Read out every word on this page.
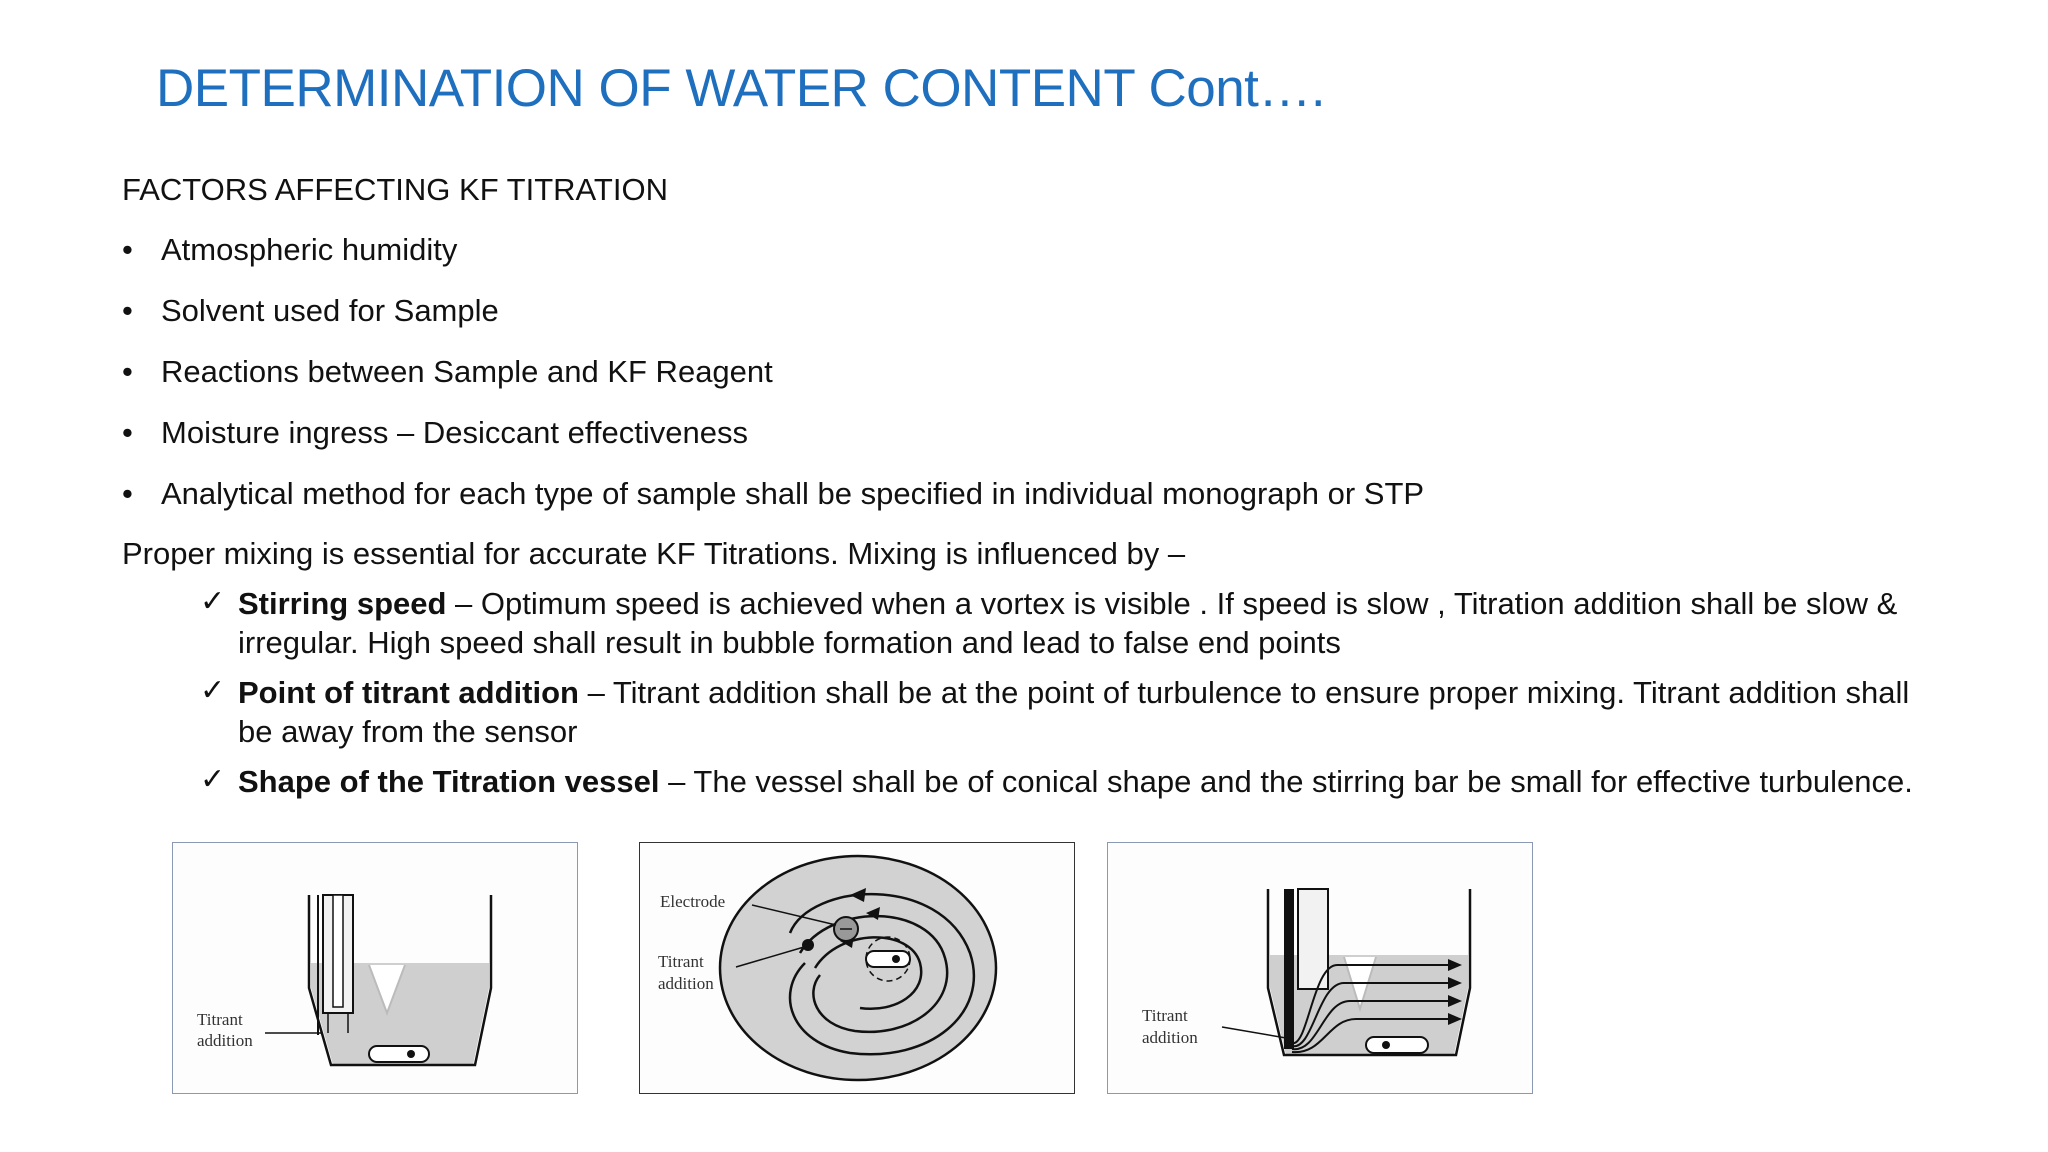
DETERMINATION OF WATER CONTENT Cont….
FACTORS AFFECTING KF TITRATION
• Atmospheric humidity
• Solvent used for Sample
• Reactions between Sample and KF Reagent
• Moisture ingress – Desiccant effectiveness
• Analytical method for each type of sample shall be specified in individual monograph or STP
Proper mixing is essential for accurate KF Titrations. Mixing is influenced by –
✓ Stirring speed – Optimum speed is achieved when a vortex is visible . If speed is slow , Titration addition shall be slow & irregular. High speed shall result in bubble formation and lead to false end points
✓ Point of titrant addition – Titrant addition shall be at the point of turbulence to ensure proper mixing. Titrant addition shall be away from the sensor
✓ Shape of the Titration vessel – The vessel shall be of conical shape and the stirring bar be small for effective turbulence.
Titrant
addition
Electrode
Titrant
addition
Titrant
addition
